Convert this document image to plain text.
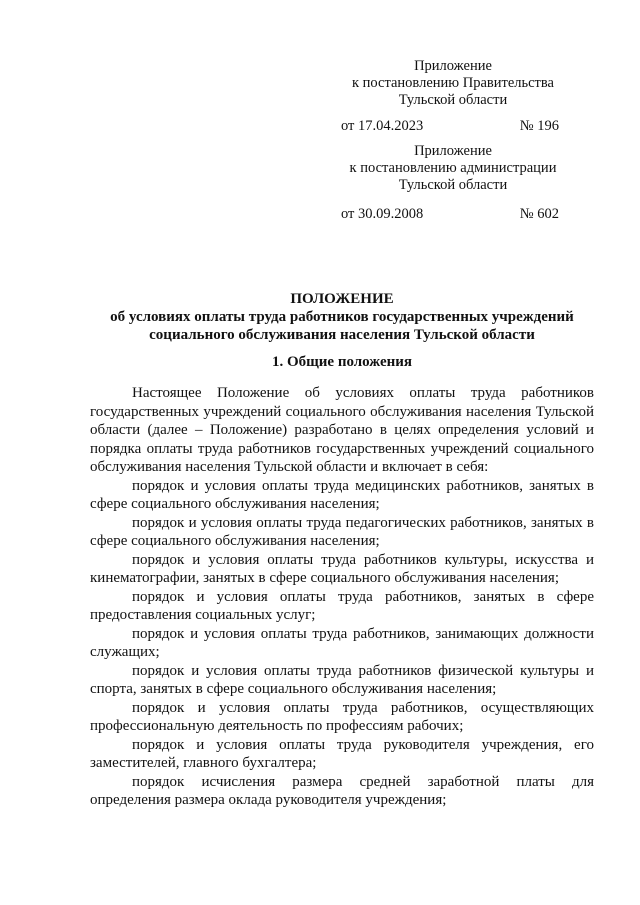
Приложение
к постановлению Правительства
Тульской области
от 17.04.2023	№ 196
Приложение
к постановлению администрации
Тульской области
от 30.09.2008	№ 602
ПОЛОЖЕНИЕ
об условиях оплаты труда работников государственных учреждений
социального обслуживания населения Тульской области
1. Общие положения

Настоящее Положение об условиях оплаты труда работников государственных учреждений социального обслуживания населения Тульской области (далее – Положение) разработано в целях определения условий и порядка оплаты труда работников государственных учреждений социального обслуживания населения Тульской области и включает в себя:

порядок и условия оплаты труда медицинских работников, занятых в сфере социального обслуживания населения;

порядок и условия оплаты труда педагогических работников, занятых в сфере социального обслуживания населения;

порядок и условия оплаты труда работников культуры, искусства и кинематографии, занятых в сфере социального обслуживания населения;

порядок и условия оплаты труда работников, занятых в сфере предоставления социальных услуг;

порядок и условия оплаты труда работников, занимающих должности служащих;

порядок и условия оплаты труда работников физической культуры и спорта, занятых в сфере социального обслуживания населения;

порядок и условия оплаты труда работников, осуществляющих профессиональную деятельность по профессиям рабочих;

порядок и условия оплаты труда руководителя учреждения, его заместителей, главного бухгалтера;

порядок исчисления размера средней заработной платы для определения размера оклада руководителя учреждения;
